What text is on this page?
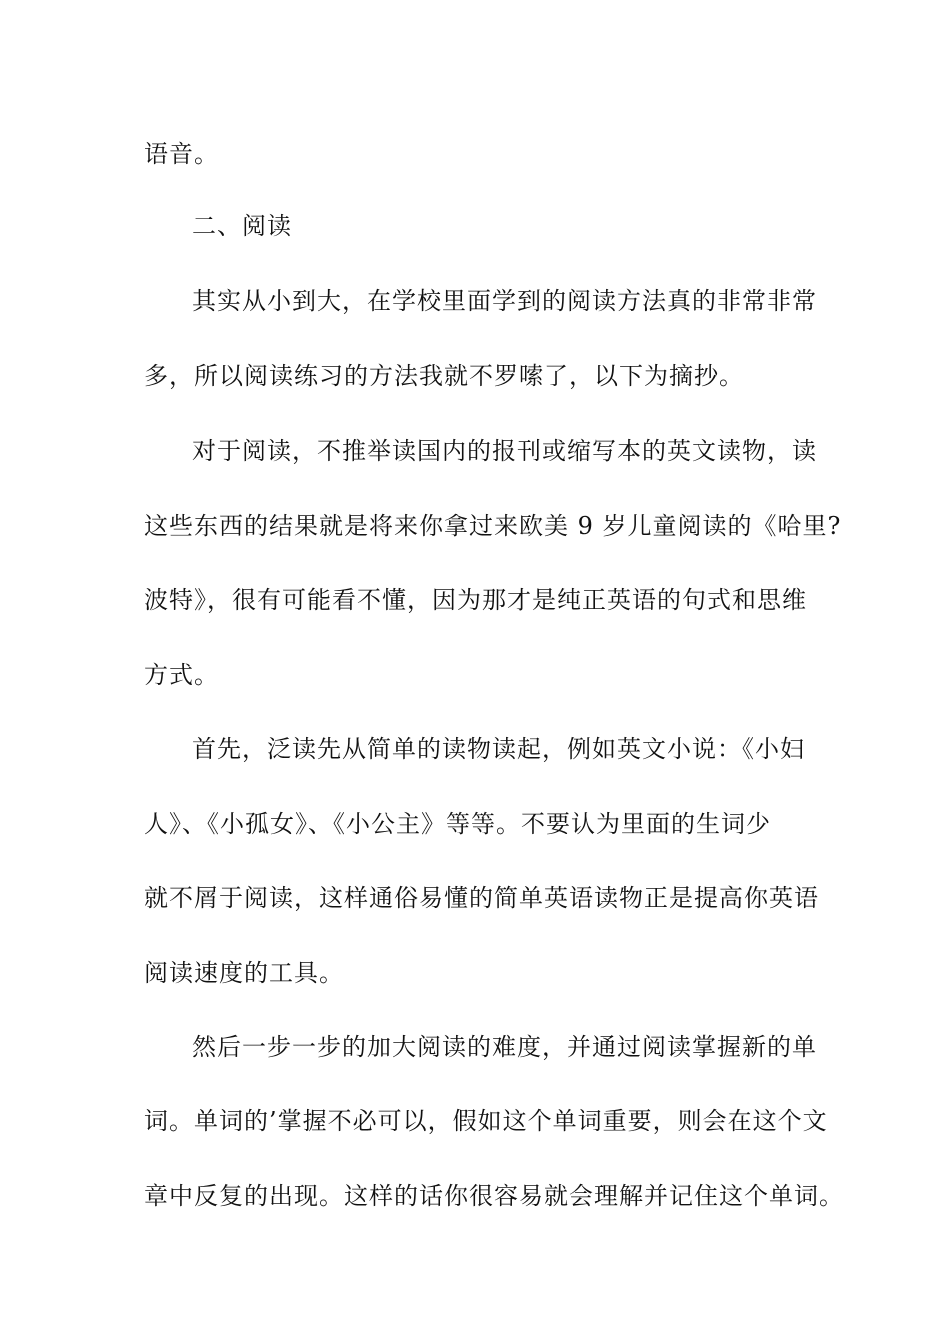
语音。

二、阅读

其实从小到大，在学校里面学到的阅读方法真的非常非常

多，所以阅读练习的方法我就不罗嗦了，以下为摘抄。

对于阅读，不推举读国内的报刊或缩写本的英文读物，读

这些东西的结果就是将来你拿过来欧美 9 岁儿童阅读的《哈里?

波特》，很有可能看不懂，因为那才是纯正英语的句式和思维

方式。

首先，泛读先从简单的读物读起，例如英文小说：《小妇

人》、《小孤女》、《小公主》等等。不要认为里面的生词少

就不屑于阅读，这样通俗易懂的简单英语读物正是提高你英语

阅读速度的工具。

然后一步一步的加大阅读的难度，并通过阅读掌握新的单

词。单词的’掌握不必可以，假如这个单词重要，则会在这个文

章中反复的出现。这样的话你很容易就会理解并记住这个单词。
